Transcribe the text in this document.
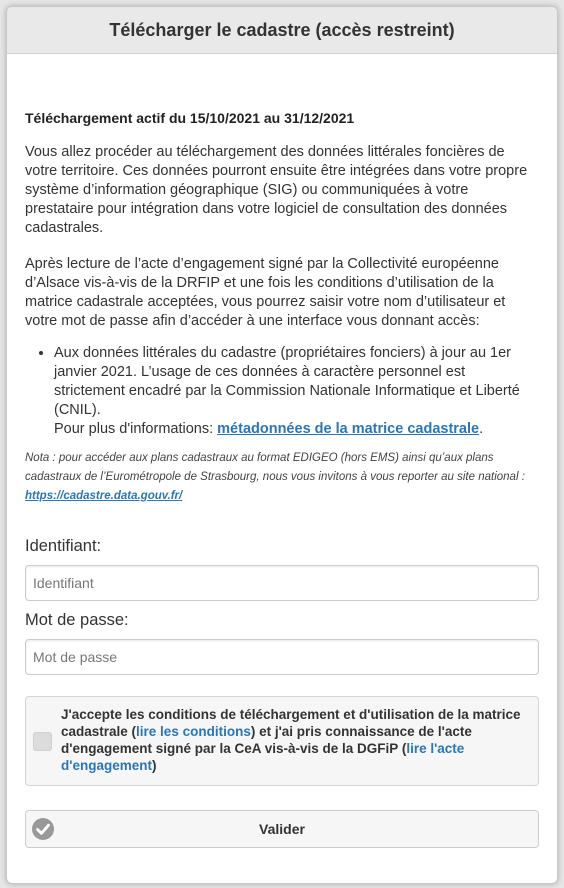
Télécharger le cadastre (accès restreint)
Téléchargement actif du 15/10/2021 au 31/12/2021

Vous allez procéder au téléchargement des données littérales foncières de votre territoire. Ces données pourront ensuite être intégrées dans votre propre système d’information géographique (SIG) ou communiquées à votre prestataire pour intégration dans votre logiciel de consultation des données cadastrales.

Après lecture de l’acte d’engagement signé par la Collectivité européenne d’Alsace vis-à-vis de la DRFIP et une fois les conditions d’utilisation de la matrice cadastrale acceptées, vous pourrez saisir votre nom d’utilisateur et votre mot de passe afin d’accéder à une interface vous donnant accès:

• Aux données littérales du cadastre (propriétaires fonciers) à jour au 1er janvier 2021. L’usage de ces données à caractère personnel est strictement encadré par la Commission Nationale Informatique et Liberté (CNIL).
Pour plus d'informations: métadonnées de la matrice cadastrale.
Nota : pour accéder aux plans cadastraux au format EDIGEO (hors EMS) ainsi qu’aux plans cadastraux de l’Eurométropole de Strasbourg, nous vous invitons à vous reporter au site national : https://cadastre.data.gouv.fr/
Identifiant:
Identifiant
Mot de passe:
J'accepte les conditions de téléchargement et d'utilisation de la matrice cadastrale (lire les conditions) et j'ai pris connaissance de l'acte d'engagement signé par la CeA vis-à-vis de la DGFiP (lire l'acte d'engagement)
Valider
